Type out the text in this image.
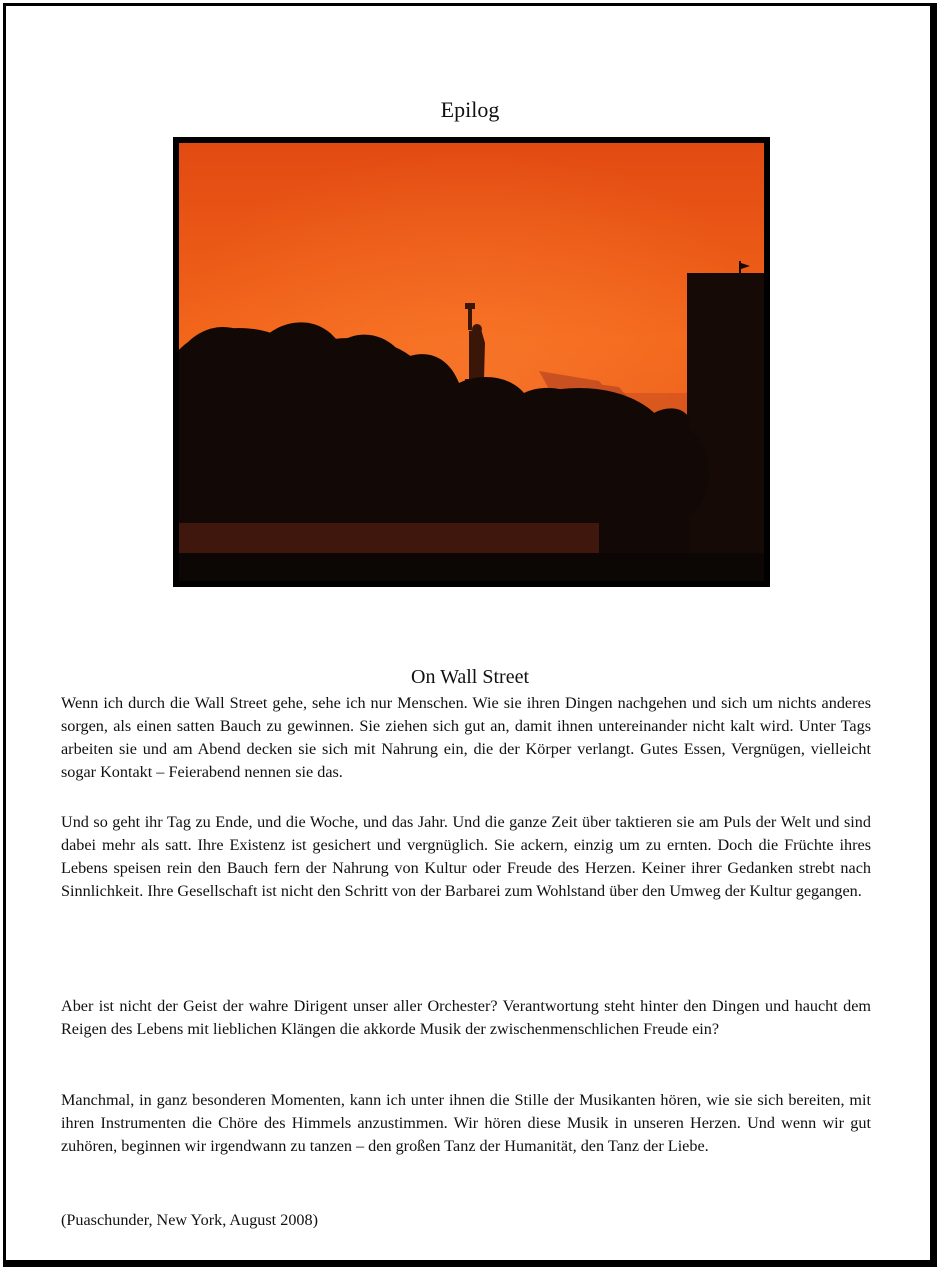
Epilog
On Wall Street

Wenn ich durch die Wall Street gehe, sehe ich nur Menschen. Wie sie ihren Dingen nachgehen und sich um nichts anderes sorgen, als einen satten Bauch zu gewinnen. Sie ziehen sich gut an, damit ihnen untereinander nicht kalt wird. Unter Tags arbeiten sie und am Abend decken sie sich mit Nahrung ein, die der Körper verlangt. Gutes Essen, Vergnügen, vielleicht sogar Kontakt – Feierabend nennen sie das.

Und so geht ihr Tag zu Ende, und die Woche, und das Jahr. Und die ganze Zeit über taktieren sie am Puls der Welt und sind dabei mehr als satt. Ihre Existenz ist gesichert und vergnüglich. Sie ackern, einzig um zu ernten. Doch die Früchte ihres Lebens speisen rein den Bauch fern der Nahrung von Kultur oder Freude des Herzen. Keiner ihrer Gedanken strebt nach Sinnlichkeit. Ihre Gesellschaft ist nicht den Schritt von der Barbarei zum Wohlstand über den Umweg der Kultur gegangen.

Aber ist nicht der Geist der wahre Dirigent unser aller Orchester? Verantwortung steht hinter den Dingen und haucht dem Reigen des Lebens mit lieblichen Klängen die akkorde Musik der zwischenmenschlichen Freude ein?

Manchmal, in ganz besonderen Momenten, kann ich unter ihnen die Stille der Musikanten hören, wie sie sich bereiten, mit ihren Instrumenten die Chöre des Himmels anzustimmen. Wir hören diese Musik in unseren Herzen. Und wenn wir gut zuhören, beginnen wir irgendwann zu tanzen – den großen Tanz der Humanität, den Tanz der Liebe.

(Puaschunder, New York, August 2008)
